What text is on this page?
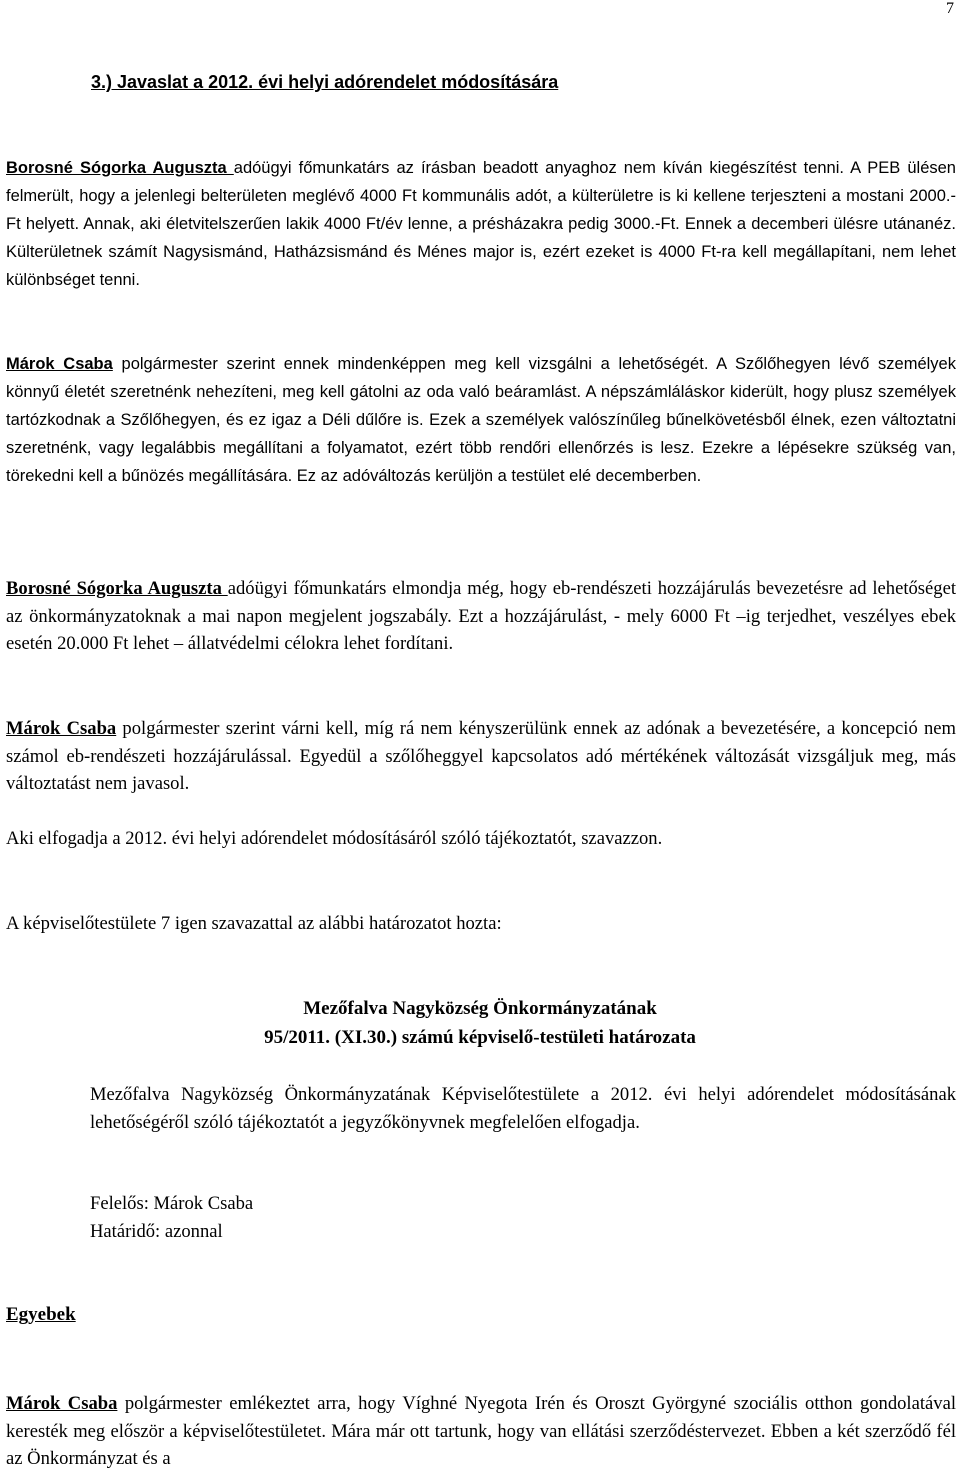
7
3.) Javaslat a 2012. évi helyi adórendelet módosítására

Borosné Sógorka Auguszta adóügyi főmunkatárs az írásban beadott anyaghoz nem kíván kiegészítést tenni. A PEB ülésen felmerült, hogy a jelenlegi belterületen meglévő 4000 Ft kommunális adót, a külterületre is ki kellene terjeszteni a mostani 2000.-Ft helyett. Annak, aki életvitelszerűen lakik 4000 Ft/év lenne, a présházakra pedig 3000.-Ft. Ennek a decemberi ülésre utánanéz. Külterületnek számít Nagysismánd, Hatházsismánd és Ménes major is, ezért ezeket is 4000 Ft-ra kell megállapítani, nem lehet különbséget tenni.

Márok Csaba polgármester szerint ennek mindenképpen meg kell vizsgálni a lehetőségét. A Szőlőhegyen lévő személyek könnyű életét szeretnénk nehezíteni, meg kell gátolni az oda való beáramlást. A népszámláláskor kiderült, hogy plusz személyek tartózkodnak a Szőlőhegyen, és ez igaz a Déli dűlőre is. Ezek a személyek valószínűleg bűnelkövetésből élnek, ezen változtatni szeretnénk, vagy legalábbis megállítani a folyamatot, ezért több rendőri ellenőrzés is lesz. Ezekre a lépésekre szükség van, törekedni kell a bűnözés megállítására. Ez az adóváltozás kerüljön a testület elé decemberben.

Borosné Sógorka Auguszta adóügyi főmunkatárs elmondja még, hogy eb-rendészeti hozzájárulás bevezetésre ad lehetőséget az önkormányzatoknak a mai napon megjelent jogszabály. Ezt a hozzájárulást, - mely 6000 Ft –ig terjedhet, veszélyes ebek esetén 20.000 Ft lehet – állatvédelmi célokra lehet fordítani.

Márok Csaba polgármester szerint várni kell, míg rá nem kényszerülünk ennek az adónak a bevezetésére, a koncepció nem számol eb-rendészeti hozzájárulással. Egyedül a szőlőheggyel kapcsolatos adó mértékének változását vizsgáljuk meg, más változtatást nem javasol.

Aki elfogadja a 2012. évi helyi adórendelet módosításáról szóló tájékoztatót, szavazzon.

A képviselőtestülete 7 igen szavazattal az alábbi határozatot hozta:

Mezőfalva Nagyközség Önkormányzatának

95/2011. (XI.30.) számú képviselő-testületi határozata

Mezőfalva Nagyközség Önkormányzatának Képviselőtestülete a 2012. évi helyi adórendelet módosításának lehetőségéről szóló tájékoztatót a jegyzőkönyvnek megfelelően elfogadja.

Felelős: Márok Csaba

Határidő: azonnal

Egyebek

Márok Csaba polgármester emlékeztet arra, hogy Víghné Nyegota Irén és Oroszt Györgyné szociális otthon gondolatával keresték meg először a képviselőtestületet. Mára már ott tartunk, hogy van ellátási szerződéstervezet. Ebben a két szerződő fél az Önkormányzat és a
